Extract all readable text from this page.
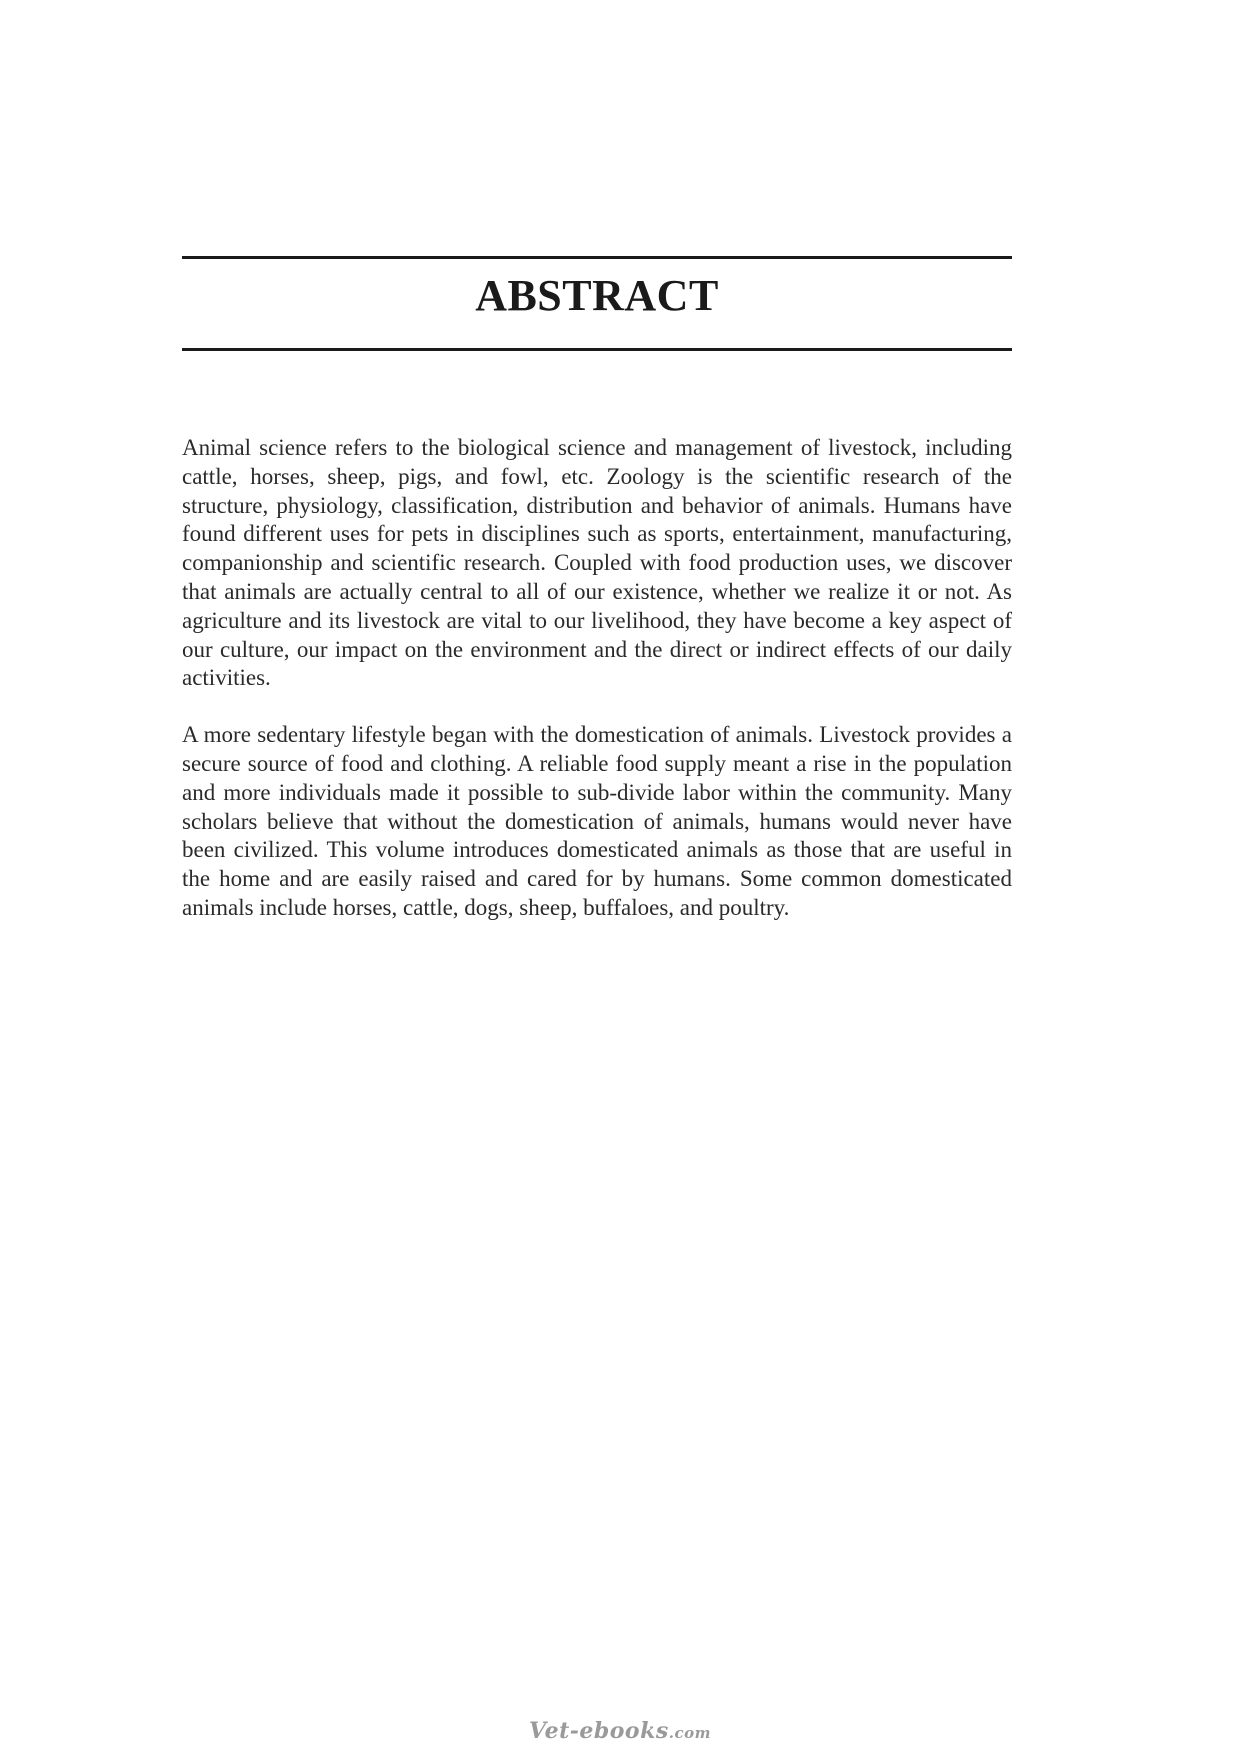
ABSTRACT

Animal science refers to the biological science and management of livestock, including cattle, horses, sheep, pigs, and fowl, etc. Zoology is the scientific research of the structure, physiology, classification, distribution and behavior of animals. Humans have found different uses for pets in disciplines such as sports, entertainment, manufacturing, companionship and scientific research. Coupled with food production uses, we discover that animals are actually central to all of our existence, whether we realize it or not. As agriculture and its livestock are vital to our livelihood, they have become a key aspect of our culture, our impact on the environment and the direct or indirect effects of our daily activities.

A more sedentary lifestyle began with the domestication of animals. Livestock provides a secure source of food and clothing. A reliable food supply meant a rise in the population and more individuals made it possible to sub-divide labor within the community. Many scholars believe that without the domestication of animals, humans would never have been civilized. This volume introduces domesticated animals as those that are useful in the home and are easily raised and cared for by humans. Some common domesticated animals include horses, cattle, dogs, sheep, buffaloes, and poultry.

Vet-ebooks.com
